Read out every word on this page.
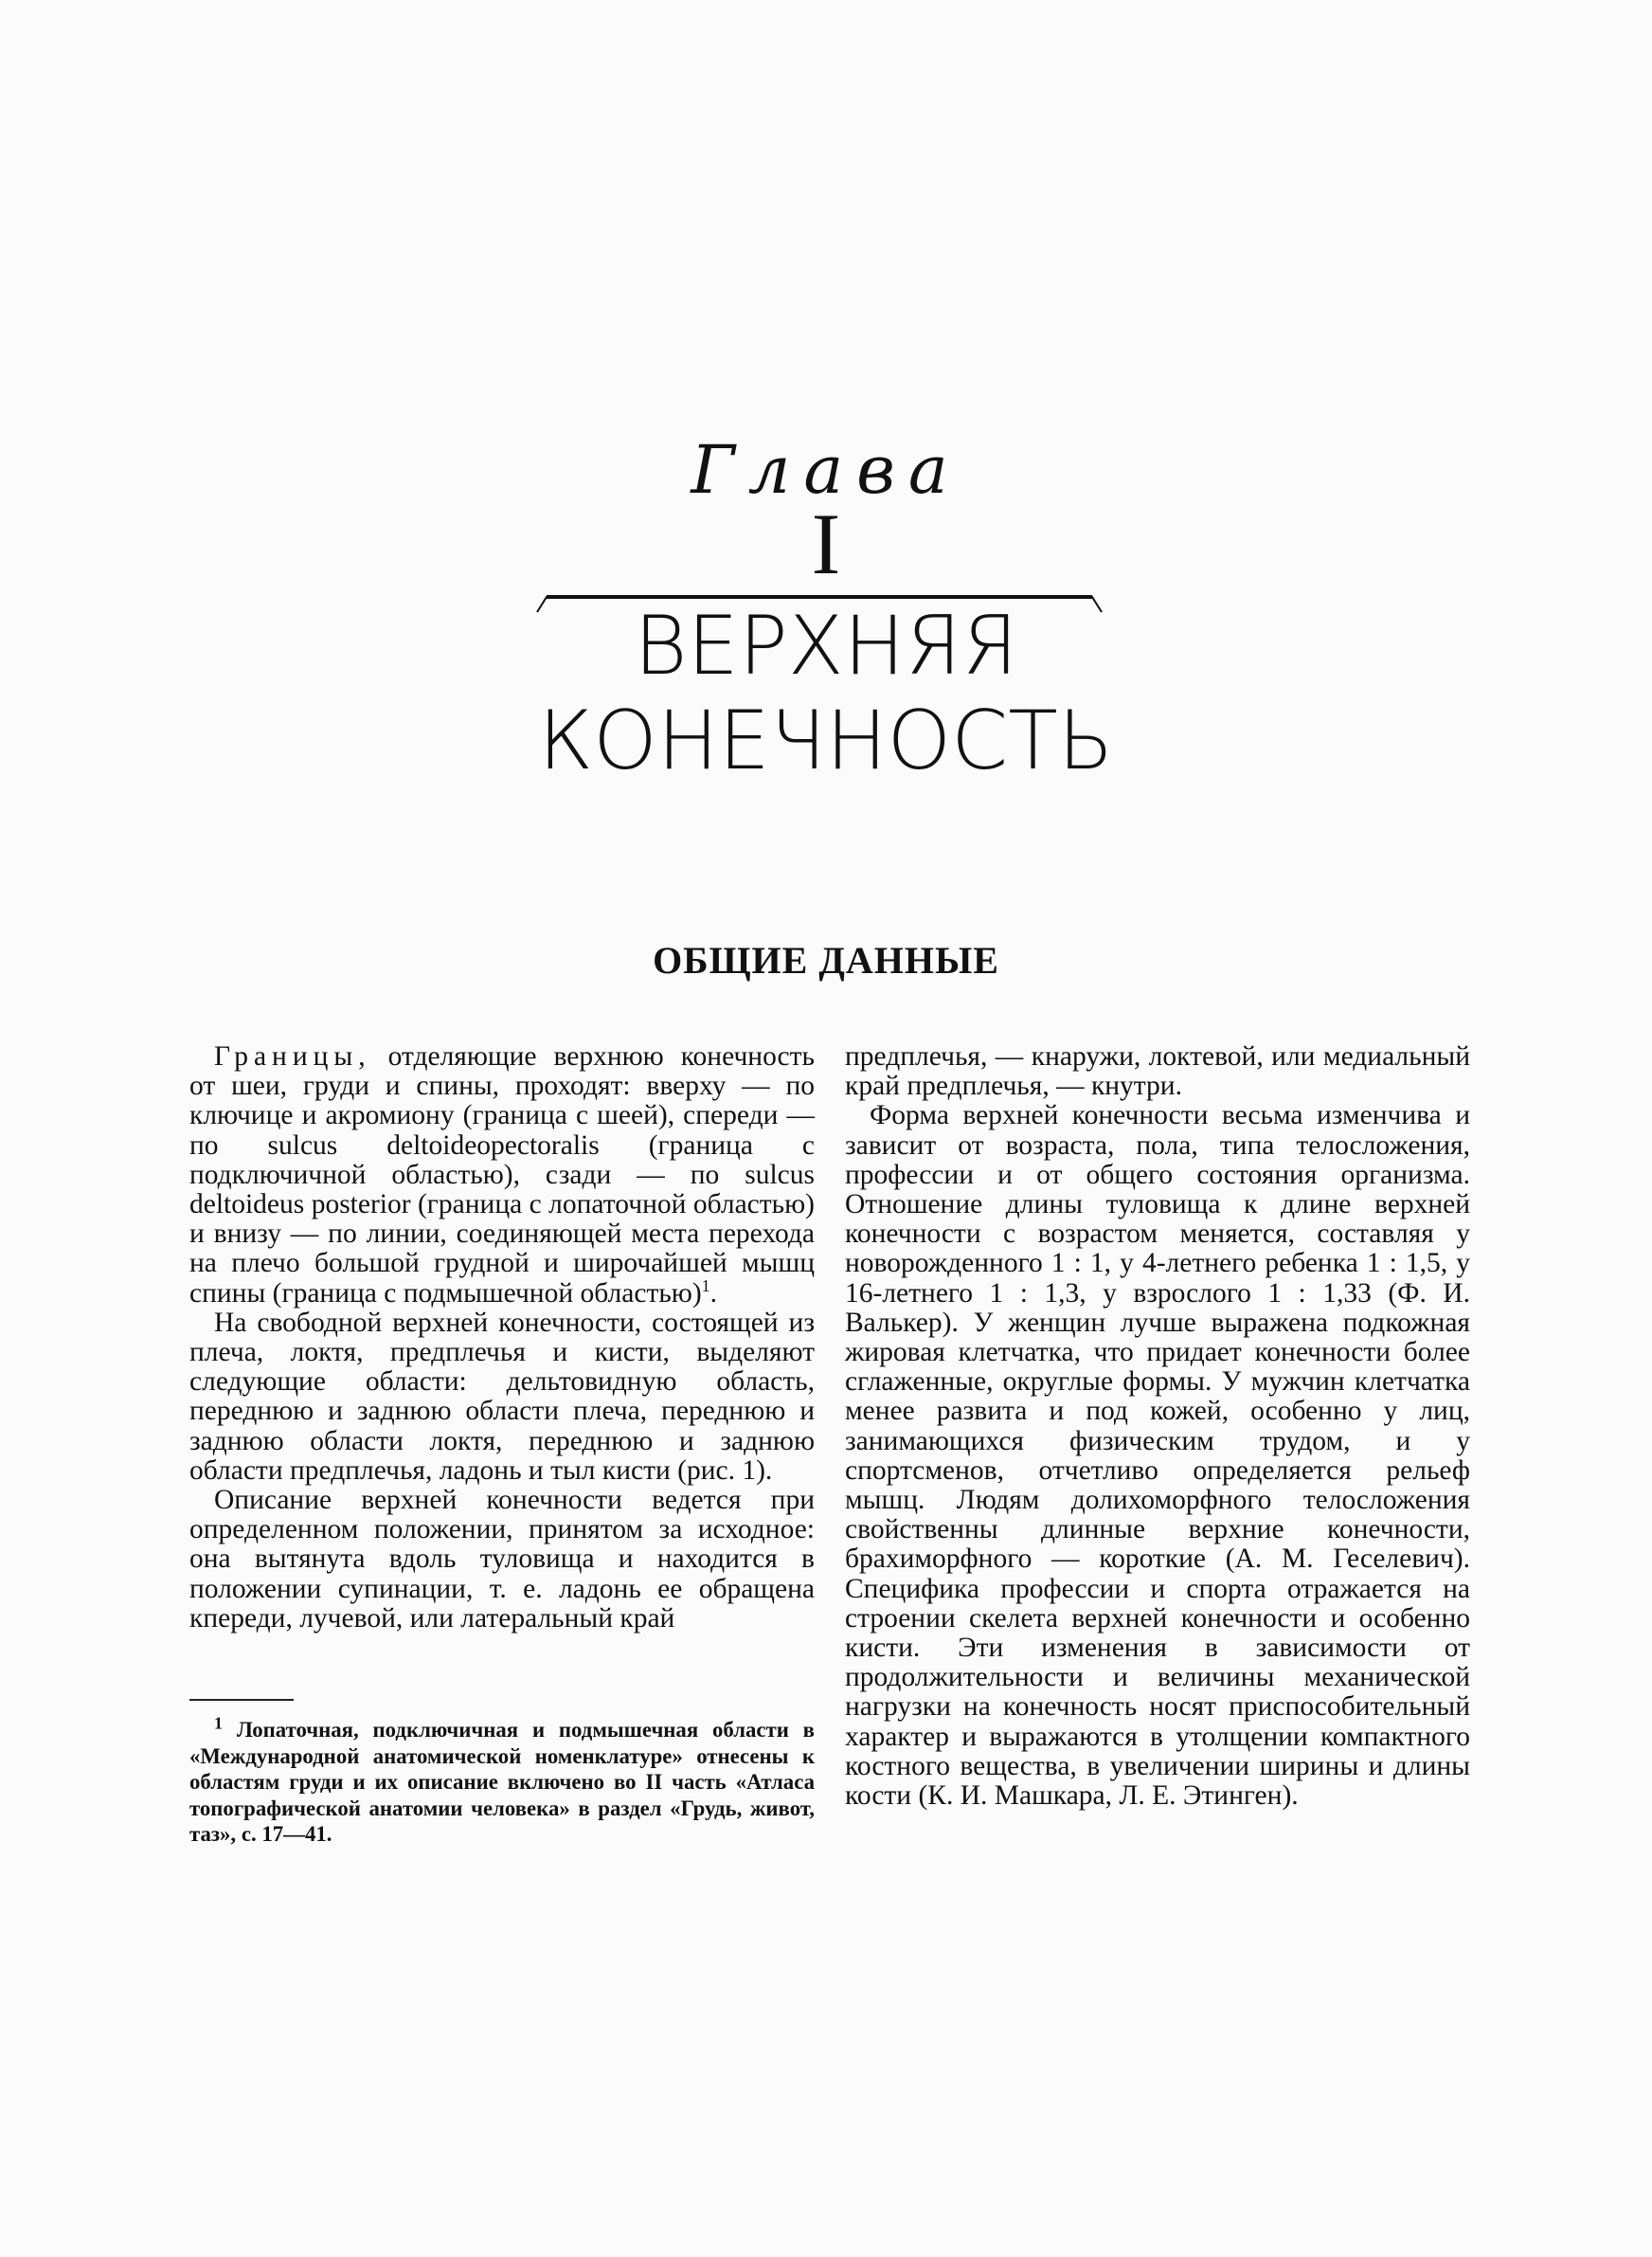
Глава
I
ВЕРХНЯЯ
КОНЕЧНОСТЬ
ОБЩИЕ ДАННЫЕ

Границы, отделяющие верхнюю конечность от шеи, груди и спины, проходят: вверху — по ключице и акромиону (граница с шеей), спереди — по sulcus deltoideopectoralis (граница с подключичной областью), сзади — по sulcus deltoideus posterior (граница с лопаточной областью) и внизу — по линии, соединяющей места перехода на плечо большой грудной и широчайшей мышц спины (граница с подмышечной областью)$^1$.

На свободной верхней конечности, состоящей из плеча, локтя, предплечья и кисти, выделяют следующие области: дельтовидную область, переднюю и заднюю области плеча, переднюю и заднюю области локтя, переднюю и заднюю области предплечья, ладонь и тыл кисти (рис. 1).

Описание верхней конечности ведется при определенном положении, принятом за исходное: она вытянута вдоль туловища и находится в положении супинации, т. е. ладонь ее обращена кпереди, лучевой, или латеральный край

предплечья, — кнаружи, локтевой, или медиальный край предплечья, — кнутри.

Форма верхней конечности весьма изменчива и зависит от возраста, пола, типа телосложения, профессии и от общего состояния организма. Отношение длины туловища к длине верхней конечности с возрастом меняется, составляя у новорожденного 1 : 1, у 4-летнего ребенка 1 : 1,5, у 16-летнего 1 : 1,3, у взрослого 1 : 1,33 (Ф. И. Валькер). У женщин лучше выражена подкожная жировая клетчатка, что придает конечности более сглаженные, округлые формы. У мужчин клетчатка менее развита и под кожей, особенно у лиц, занимающихся физическим трудом, и у спортсменов, отчетливо определяется рельеф мышц. Людям долихоморфного телосложения свойственны длинные верхние конечности, брахиморфного — короткие (А. М. Геселевич). Специфика профессии и спорта отражается на строении скелета верхней конечности и особенно кисти. Эти изменения в зависимости от продолжительности и величины механической нагрузки на конечность носят приспособительный характер и выражаются в утолщении компактного костного вещества, в увеличении ширины и длины кости (К. И. Машкара, Л. Е. Этинген).

$^1$ Лопаточная, подключичная и подмышечная области в «Международной анатомической номенклатуре» отнесены к областям груди и их описание включено во II часть «Атласа топографической анатомии человека» в раздел «Грудь, живот, таз», с. 17—41.
